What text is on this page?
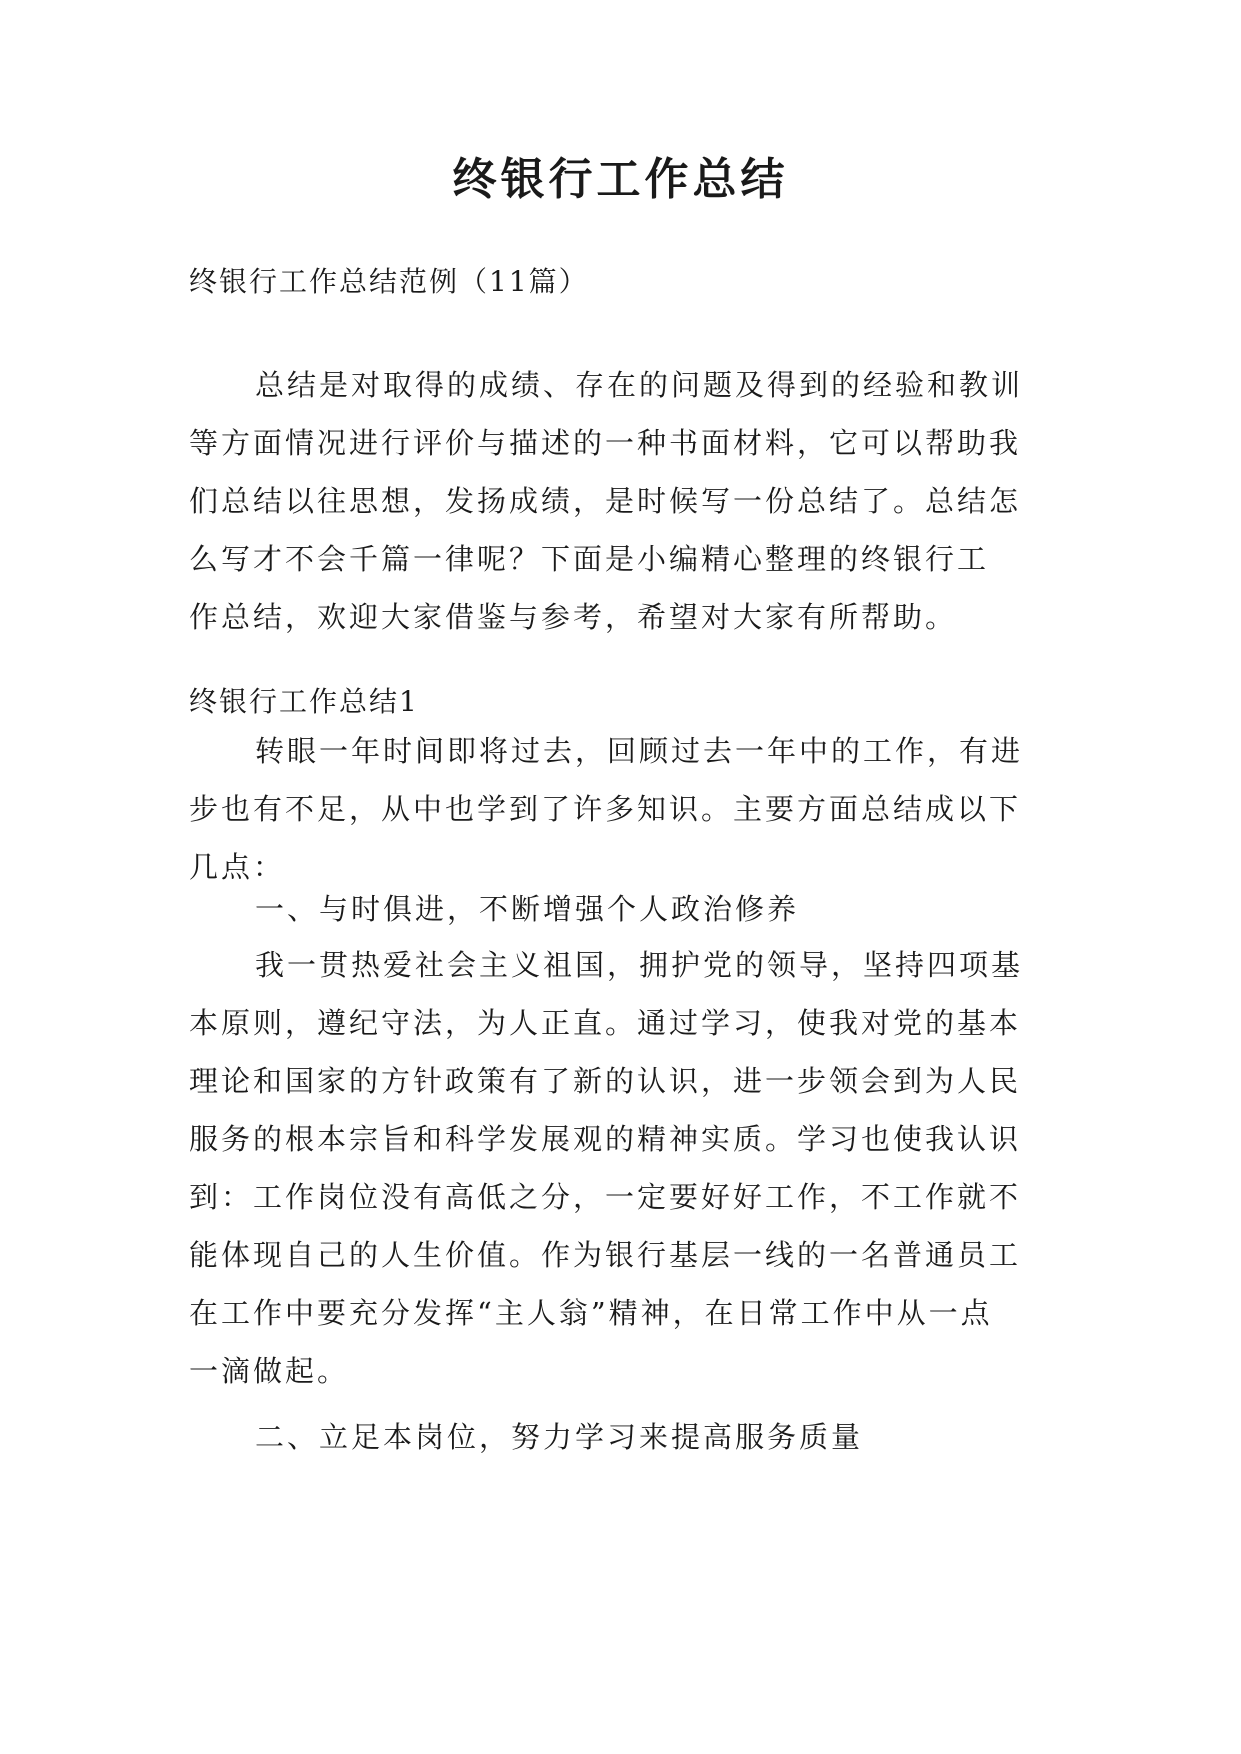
终银行工作总结
终银行工作总结范例（11篇）
总结是对取得的成绩、存在的问题及得到的经验和教训
等方面情况进行评价与描述的一种书面材料，它可以帮助我
们总结以往思想，发扬成绩，是时候写一份总结了。总结怎
么写才不会千篇一律呢？下面是小编精心整理的终银行工
作总结，欢迎大家借鉴与参考，希望对大家有所帮助。
终银行工作总结1
转眼一年时间即将过去，回顾过去一年中的工作，有进
步也有不足，从中也学到了许多知识。主要方面总结成以下
几点：
一、与时俱进，不断增强个人政治修养
我一贯热爱社会主义祖国，拥护党的领导，坚持四项基
本原则，遵纪守法，为人正直。通过学习，使我对党的基本
理论和国家的方针政策有了新的认识，进一步领会到为人民
服务的根本宗旨和科学发展观的精神实质。学习也使我认识
到：工作岗位没有高低之分，一定要好好工作，不工作就不
能体现自己的人生价值。作为银行基层一线的一名普通员工
在工作中要充分发挥“主人翁”精神，在日常工作中从一点
一滴做起。
二、立足本岗位，努力学习来提高服务质量
